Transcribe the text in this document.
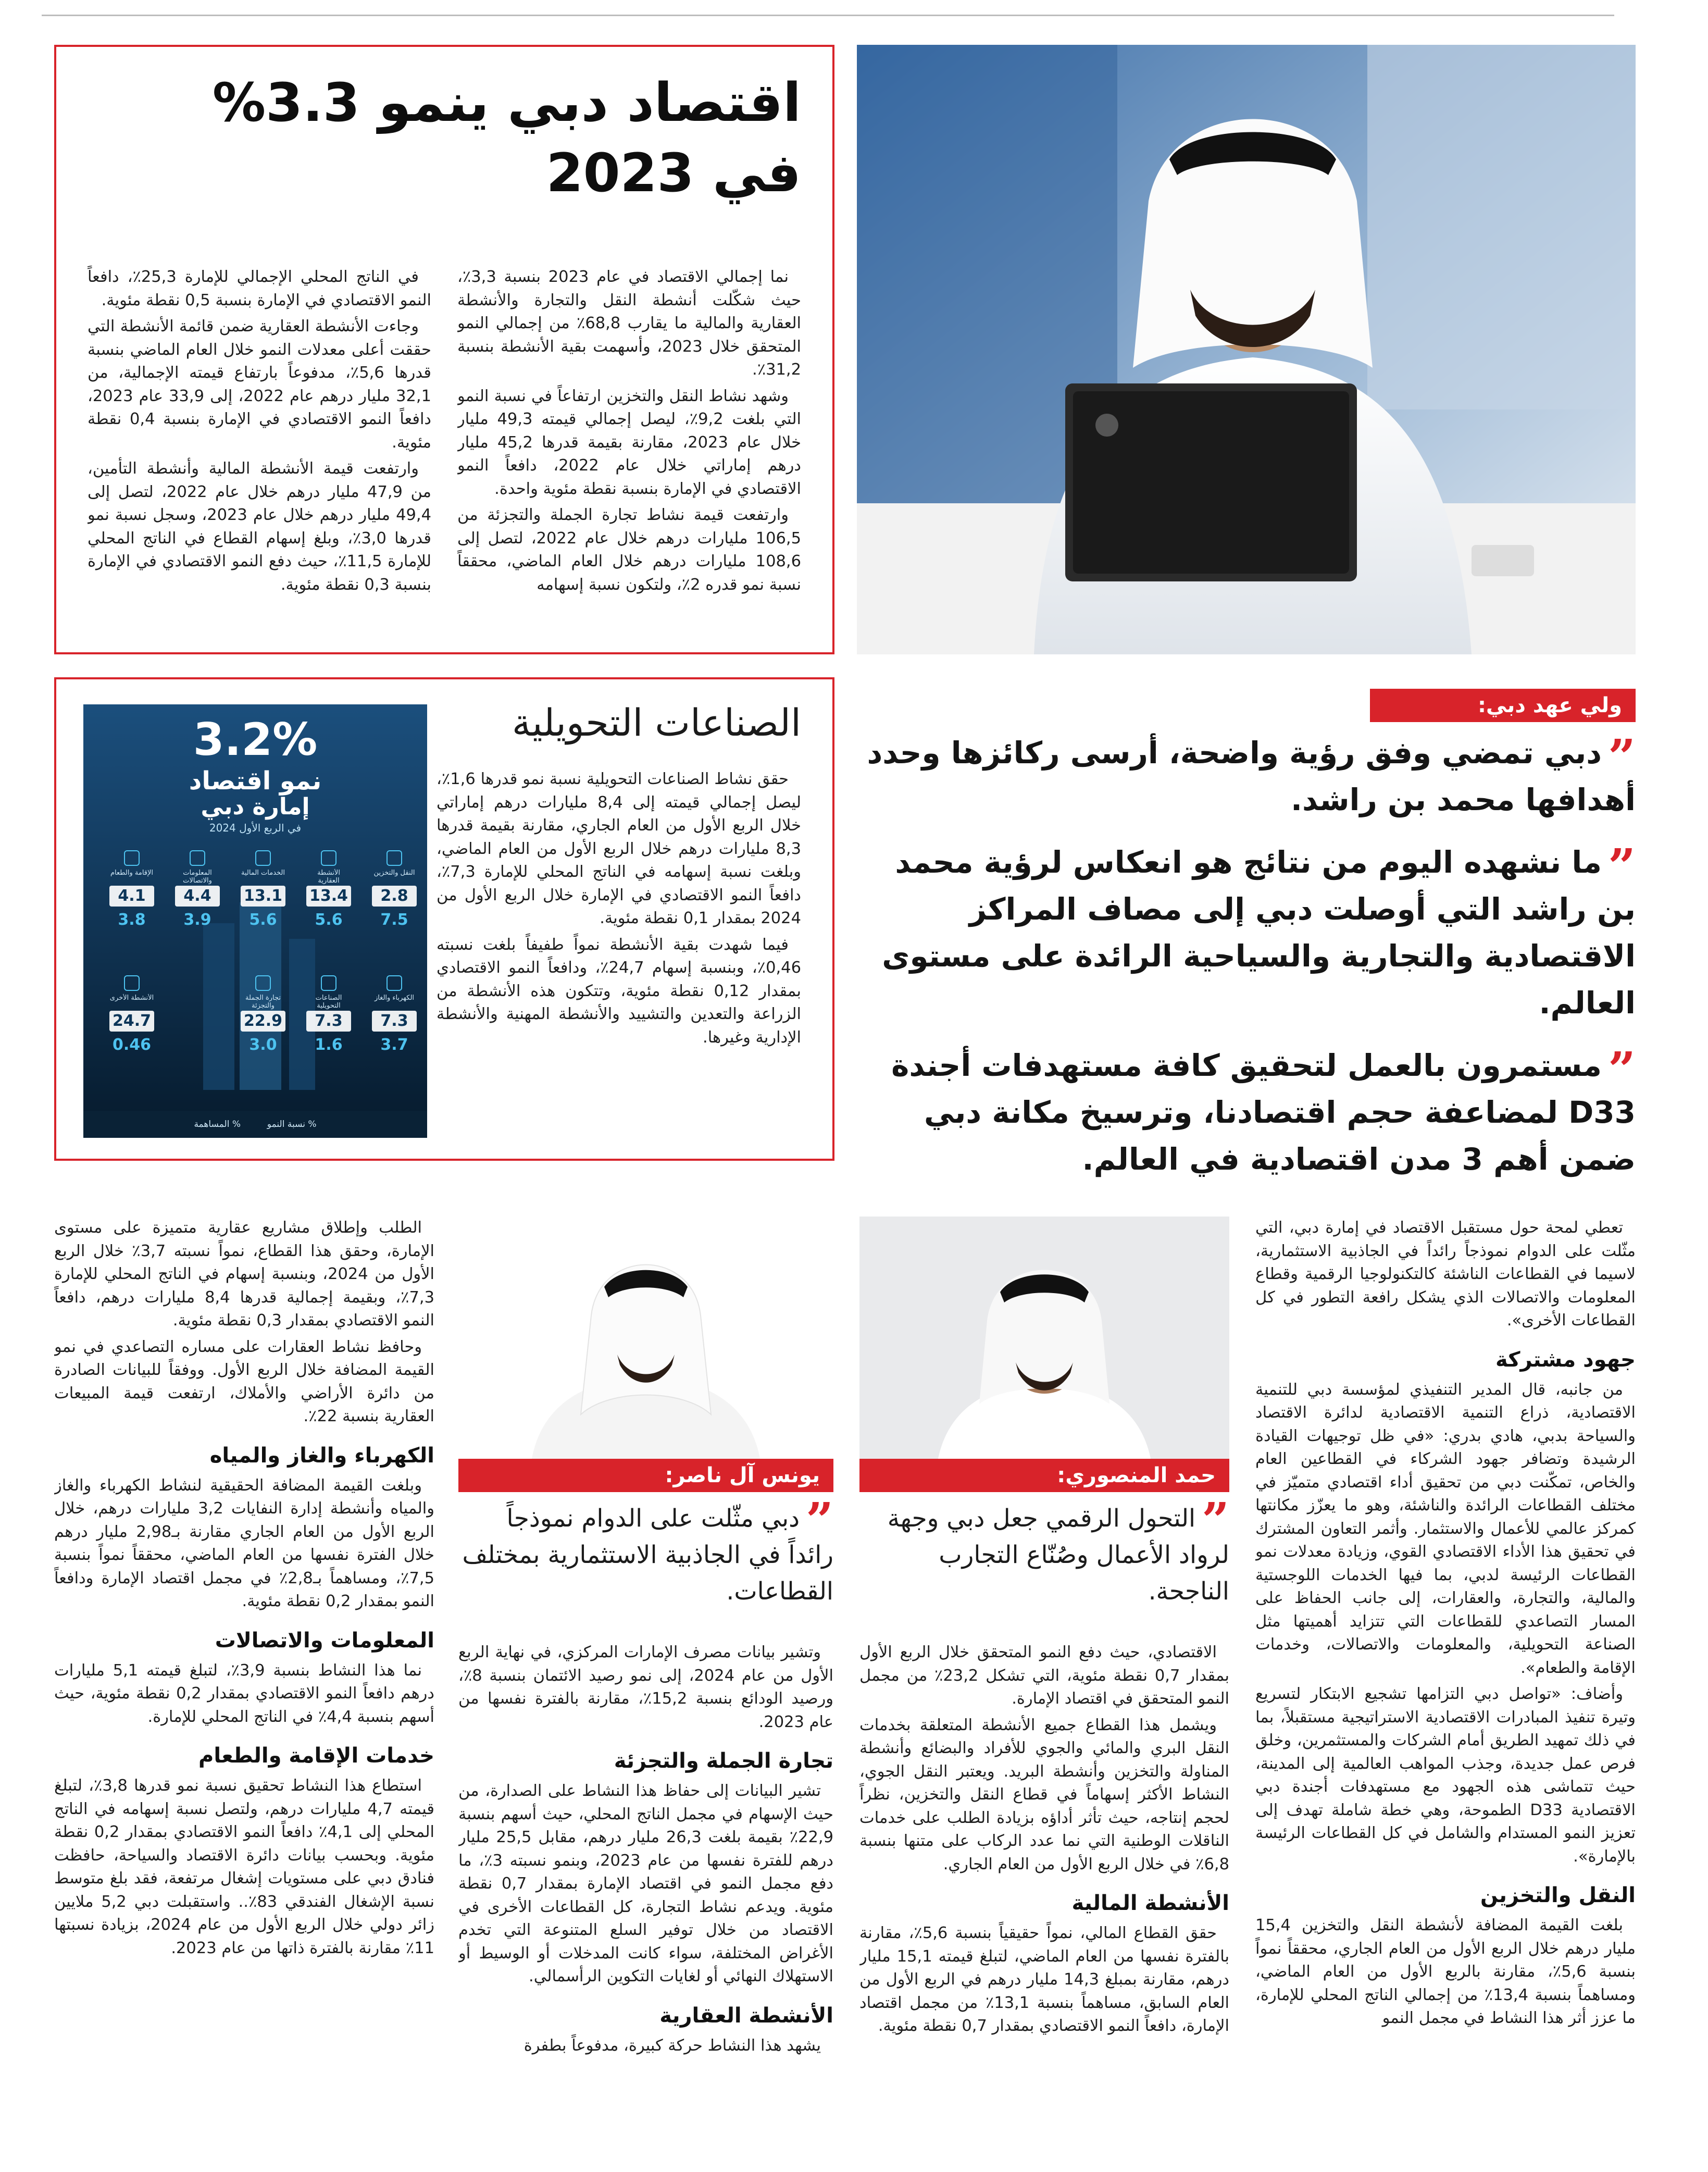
اقتصاد دبي ينمو 3.3%
في 2023

نما إجمالي الاقتصاد في عام 2023 بنسبة 3,3٪، حيث شكّلت أنشطة النقل والتجارة والأنشطة العقارية والمالية ما يقارب 68,8٪ من إجمالي النمو المتحقق خلال 2023، وأسهمت بقية الأنشطة بنسبة 31,2٪.

وشهد نشاط النقل والتخزين ارتفاعاً في نسبة النمو التي بلغت 9,2٪، ليصل إجمالي قيمته 49,3 مليار خلال عام 2023، مقارنة بقيمة قدرها 45,2 مليار درهم إماراتي خلال عام 2022، دافعاً النمو الاقتصادي في الإمارة بنسبة نقطة مئوية واحدة.

وارتفعت قيمة نشاط تجارة الجملة والتجزئة من 106,5 مليارات درهم خلال عام 2022، لتصل إلى 108,6 مليارات درهم خلال العام الماضي، محققاً نسبة نمو قدره 2٪، ولتكون نسبة إسهامه

في الناتج المحلي الإجمالي للإمارة 25,3٪، دافعاً النمو الاقتصادي في الإمارة بنسبة 0,5 نقطة مئوية.

وجاءت الأنشطة العقارية ضمن قائمة الأنشطة التي حققت أعلى معدلات النمو خلال العام الماضي بنسبة قدرها 5,6٪، مدفوعاً بارتفاع قيمته الإجمالية، من 32,1 مليار درهم عام 2022، إلى 33,9 عام 2023، دافعاً النمو الاقتصادي في الإمارة بنسبة 0,4 نقطة مئوية.

وارتفعت قيمة الأنشطة المالية وأنشطة التأمين، من 47,9 مليار درهم خلال عام 2022، لتصل إلى 49,4 مليار درهم خلال عام 2023، وسجل نسبة نمو قدرها 3,0٪، وبلغ إسهام القطاع في الناتج المحلي للإمارة 11,5٪، حيث دفع النمو الاقتصادي في الإمارة بنسبة 0,3 نقطة مئوية.

الصناعات التحويلية

حقق نشاط الصناعات التحويلية نسبة نمو قدرها 1,6٪، ليصل إجمالي قيمته إلى 8,4 مليارات درهم إماراتي خلال الربع الأول من العام الجاري، مقارنة بقيمة قدرها 8,3 مليارات درهم خلال الربع الأول من العام الماضي، وبلغت نسبة إسهامه في الناتج المحلي للإمارة 7,3٪، دافعاً النمو الاقتصادي في الإمارة خلال الربع الأول من 2024 بمقدار 0,1 نقطة مئوية.

فيما شهدت بقية الأنشطة نمواً طفيفاً بلغت نسبته 0,46٪، وبنسبة إسهام 24,7٪، ودافعاً النمو الاقتصادي بمقدار 0,12 نقطة مئوية، وتتكون هذه الأنشطة من الزراعة والتعدين والتشييد والأنشطة المهنية والأنشطة الإدارية وغيرها.

3.2%
نمو اقتصاد
إمارة دبي
في الربع الأول 2024
النقل والتخزين
2.8
7.5
الأنشطة العقارية
13.4
5.6
الخدمات المالية
13.1
5.6
المعلومات والاتصالات
4.4
3.9
الإقامة والطعام
4.1
3.8
الكهرباء والغاز
7.3
3.7
الصناعات التحويلية
7.3
1.6
تجارة الجملة والتجزئة
22.9
3.0
الأنشطة الأخرى
24.7
0.46
% نسبة النمو  % المساهمة
ولي عهد دبي:
”دبي تمضي وفق رؤية واضحة، أرسى ركائزها وحدد أهدافها محمد بن راشد.
”ما نشهده اليوم من نتائج هو انعكاس لرؤية محمد بن راشد التي أوصلت دبي إلى مصاف المراكز الاقتصادية والتجارية والسياحية الرائدة على مستوى العالم.
”مستمرون بالعمل لتحقيق كافة مستهدفات أجندة D33 لمضاعفة حجم اقتصادنا، وترسيخ مكانة دبي ضمن أهم 3 مدن اقتصادية في العالم.

تعطي لمحة حول مستقبل الاقتصاد في إمارة دبي، التي مثّلت على الدوام نموذجاً رائداً في الجاذبية الاستثمارية، لاسيما في القطاعات الناشئة كالتكنولوجيا الرقمية وقطاع المعلومات والاتصالات الذي يشكل رافعة التطور في كل القطاعات الأخرى».

جهود مشتركة

من جانبه، قال المدير التنفيذي لمؤسسة دبي للتنمية الاقتصادية، ذراع التنمية الاقتصادية لدائرة الاقتصاد والسياحة بدبي، هادي بدري: «في ظل توجيهات القيادة الرشيدة وتضافر جهود الشركاء في القطاعين العام والخاص، تمكّنت دبي من تحقيق أداء اقتصادي متميّز في مختلف القطاعات الرائدة والناشئة، وهو ما يعزّز مكانتها كمركز عالمي للأعمال والاستثمار. وأثمر التعاون المشترك في تحقيق هذا الأداء الاقتصادي القوي، وزيادة معدلات نمو القطاعات الرئيسة لدبي، بما فيها الخدمات اللوجستية والمالية، والتجارة، والعقارات، إلى جانب الحفاظ على المسار التصاعدي للقطاعات التي تتزايد أهميتها مثل الصناعة التحويلية، والمعلومات والاتصالات، وخدمات الإقامة والطعام».

وأضاف: «تواصل دبي التزامها تشجيع الابتكار لتسريع وتيرة تنفيذ المبادرات الاقتصادية الاستراتيجية مستقبلاً، بما في ذلك تمهيد الطريق أمام الشركات والمستثمرين، وخلق فرص عمل جديدة، وجذب المواهب العالمية إلى المدينة، حيث تتماشى هذه الجهود مع مستهدفات أجندة دبي الاقتصادية D33 الطموحة، وهي خطة شاملة تهدف إلى تعزيز النمو المستدام والشامل في كل القطاعات الرئيسة بالإمارة».

النقل والتخزين

بلغت القيمة المضافة لأنشطة النقل والتخزين 15,4 مليار درهم خلال الربع الأول من العام الجاري، محققاً نمواً بنسبة 5,6٪، مقارنة بالربع الأول من العام الماضي، ومساهماً بنسبة 13,4٪ من إجمالي الناتج المحلي للإمارة، ما عزز أثر هذا النشاط في مجمل النمو

حمد المنصوري:
”التحول الرقمي جعل دبي وجهة لرواد الأعمال وصُنّاع التجارب الناجحة.

الاقتصادي، حيث دفع النمو المتحقق خلال الربع الأول بمقدار 0,7 نقطة مئوية، التي تشكل 23,2٪ من مجمل النمو المتحقق في اقتصاد الإمارة.

ويشمل هذا القطاع جميع الأنشطة المتعلقة بخدمات النقل البري والمائي والجوي للأفراد والبضائع وأنشطة المناولة والتخزين وأنشطة البريد. ويعتبر النقل الجوي، النشاط الأكثر إسهاماً في قطاع النقل والتخزين، نظراً لحجم إنتاجه، حيث تأثر أداؤه بزيادة الطلب على خدمات الناقلات الوطنية التي نما عدد الركاب على متنها بنسبة 6,8٪ في خلال الربع الأول من العام الجاري.

الأنشطة المالية

حقق القطاع المالي، نمواً حقيقياً بنسبة 5,6٪، مقارنة بالفترة نفسها من العام الماضي، لتبلغ قيمته 15,1 مليار درهم، مقارنة بمبلغ 14,3 مليار درهم في الربع الأول من العام السابق، مساهماً بنسبة 13,1٪ من مجمل اقتصاد الإمارة، دافعاً النمو الاقتصادي بمقدار 0,7 نقطة مئوية.

يونس آل ناصر:
”دبي مثّلت على الدوام نموذجاً رائداً في الجاذبية الاستثمارية بمختلف القطاعات.

وتشير بيانات مصرف الإمارات المركزي، في نهاية الربع الأول من عام 2024، إلى نمو رصيد الائتمان بنسبة 8٪، ورصيد الودائع بنسبة 15,2٪، مقارنة بالفترة نفسها من عام 2023.

تجارة الجملة والتجزئة

تشير البيانات إلى حفاظ هذا النشاط على الصدارة، من حيث الإسهام في مجمل الناتج المحلي، حيث أسهم بنسبة 22,9٪ بقيمة بلغت 26,3 مليار درهم، مقابل 25,5 مليار درهم للفترة نفسها من عام 2023، وبنمو نسبته 3٪، ما دفع مجمل النمو في اقتصاد الإمارة بمقدار 0,7 نقطة مئوية. ويدعم نشاط التجارة، كل القطاعات الأخرى في الاقتصاد من خلال توفير السلع المتنوعة التي تخدم الأغراض المختلفة، سواء كانت المدخلات أو الوسيط أو الاستهلاك النهائي أو لغايات التكوين الرأسمالي.

الأنشطة العقارية

يشهد هذا النشاط حركة كبيرة، مدفوعاً بطفرة

الطلب وإطلاق مشاريع عقارية متميزة على مستوى الإمارة، وحقق هذا القطاع، نمواً نسبته 3,7٪ خلال الربع الأول من 2024، وبنسبة إسهام في الناتج المحلي للإمارة 7,3٪، وبقيمة إجمالية قدرها 8,4 مليارات درهم، دافعاً النمو الاقتصادي بمقدار 0,3 نقطة مئوية.

وحافظ نشاط العقارات على مساره التصاعدي في نمو القيمة المضافة خلال الربع الأول. ووفقاً للبيانات الصادرة من دائرة الأراضي والأملاك، ارتفعت قيمة المبيعات العقارية بنسبة 22٪.

الكهرباء والغاز والمياه

وبلغت القيمة المضافة الحقيقية لنشاط الكهرباء والغاز والمياه وأنشطة إدارة النفايات 3,2 مليارات درهم، خلال الربع الأول من العام الجاري مقارنة بـ2,98 مليار درهم خلال الفترة نفسها من العام الماضي، محققاً نمواً بنسبة 7,5٪، ومساهماً بـ2,8٪ في مجمل اقتصاد الإمارة ودافعاً النمو بمقدار 0,2 نقطة مئوية.

المعلومات والاتصالات

نما هذا النشاط بنسبة 3,9٪، لتبلغ قيمته 5,1 مليارات درهم دافعاً النمو الاقتصادي بمقدار 0,2 نقطة مئوية، حيث أسهم بنسبة 4,4٪ في الناتج المحلي للإمارة.

خدمات الإقامة والطعام

استطاع هذا النشاط تحقيق نسبة نمو قدرها 3,8٪، لتبلغ قيمته 4,7 مليارات درهم، ولتصل نسبة إسهامه في الناتج المحلي إلى 4,1٪ دافعاً النمو الاقتصادي بمقدار 0,2 نقطة مئوية. وبحسب بيانات دائرة الاقتصاد والسياحة، حافظت فنادق دبي على مستويات إشغال مرتفعة، فقد بلغ متوسط نسبة الإشغال الفندقي 83٪.. واستقبلت دبي 5,2 ملايين زائر دولي خلال الربع الأول من عام 2024، بزيادة نسبتها 11٪ مقارنة بالفترة ذاتها من عام 2023.
